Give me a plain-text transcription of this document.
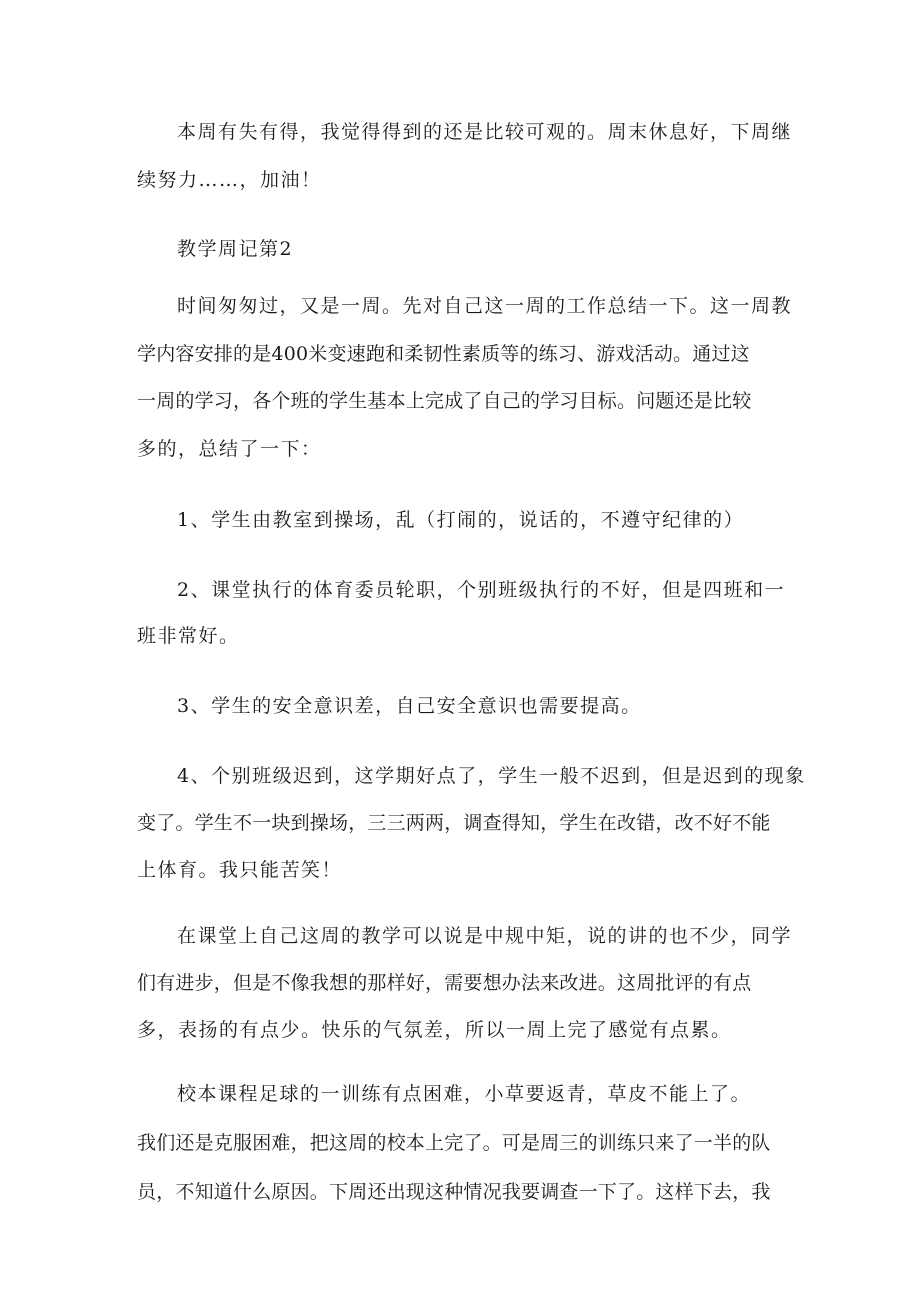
本周有失有得，我觉得得到的还是比较可观的。周末休息好，下周继
续努力……，加油！
教学周记第2
时间匆匆过，又是一周。先对自己这一周的工作总结一下。这一周教
学内容安排的是400米变速跑和柔韧性素质等的练习、游戏活动。通过这
一周的学习，各个班的学生基本上完成了自己的学习目标。问题还是比较
多的，总结了一下：
1、学生由教室到操场，乱（打闹的，说话的，不遵守纪律的）
2、课堂执行的体育委员轮职，个别班级执行的不好，但是四班和一
班非常好。
3、学生的安全意识差，自己安全意识也需要提高。
4、个别班级迟到，这学期好点了，学生一般不迟到，但是迟到的现象
变了。学生不一块到操场，三三两两，调查得知，学生在改错，改不好不能
上体育。我只能苦笑！
在课堂上自己这周的教学可以说是中规中矩，说的讲的也不少，同学
们有进步，但是不像我想的那样好，需要想办法来改进。这周批评的有点
多，表扬的有点少。快乐的气氛差，所以一周上完了感觉有点累。
校本课程足球的一训练有点困难，小草要返青，草皮不能上了。
我们还是克服困难，把这周的校本上完了。可是周三的训练只来了一半的队
员，不知道什么原因。下周还出现这种情况我要调查一下了。这样下去，我
